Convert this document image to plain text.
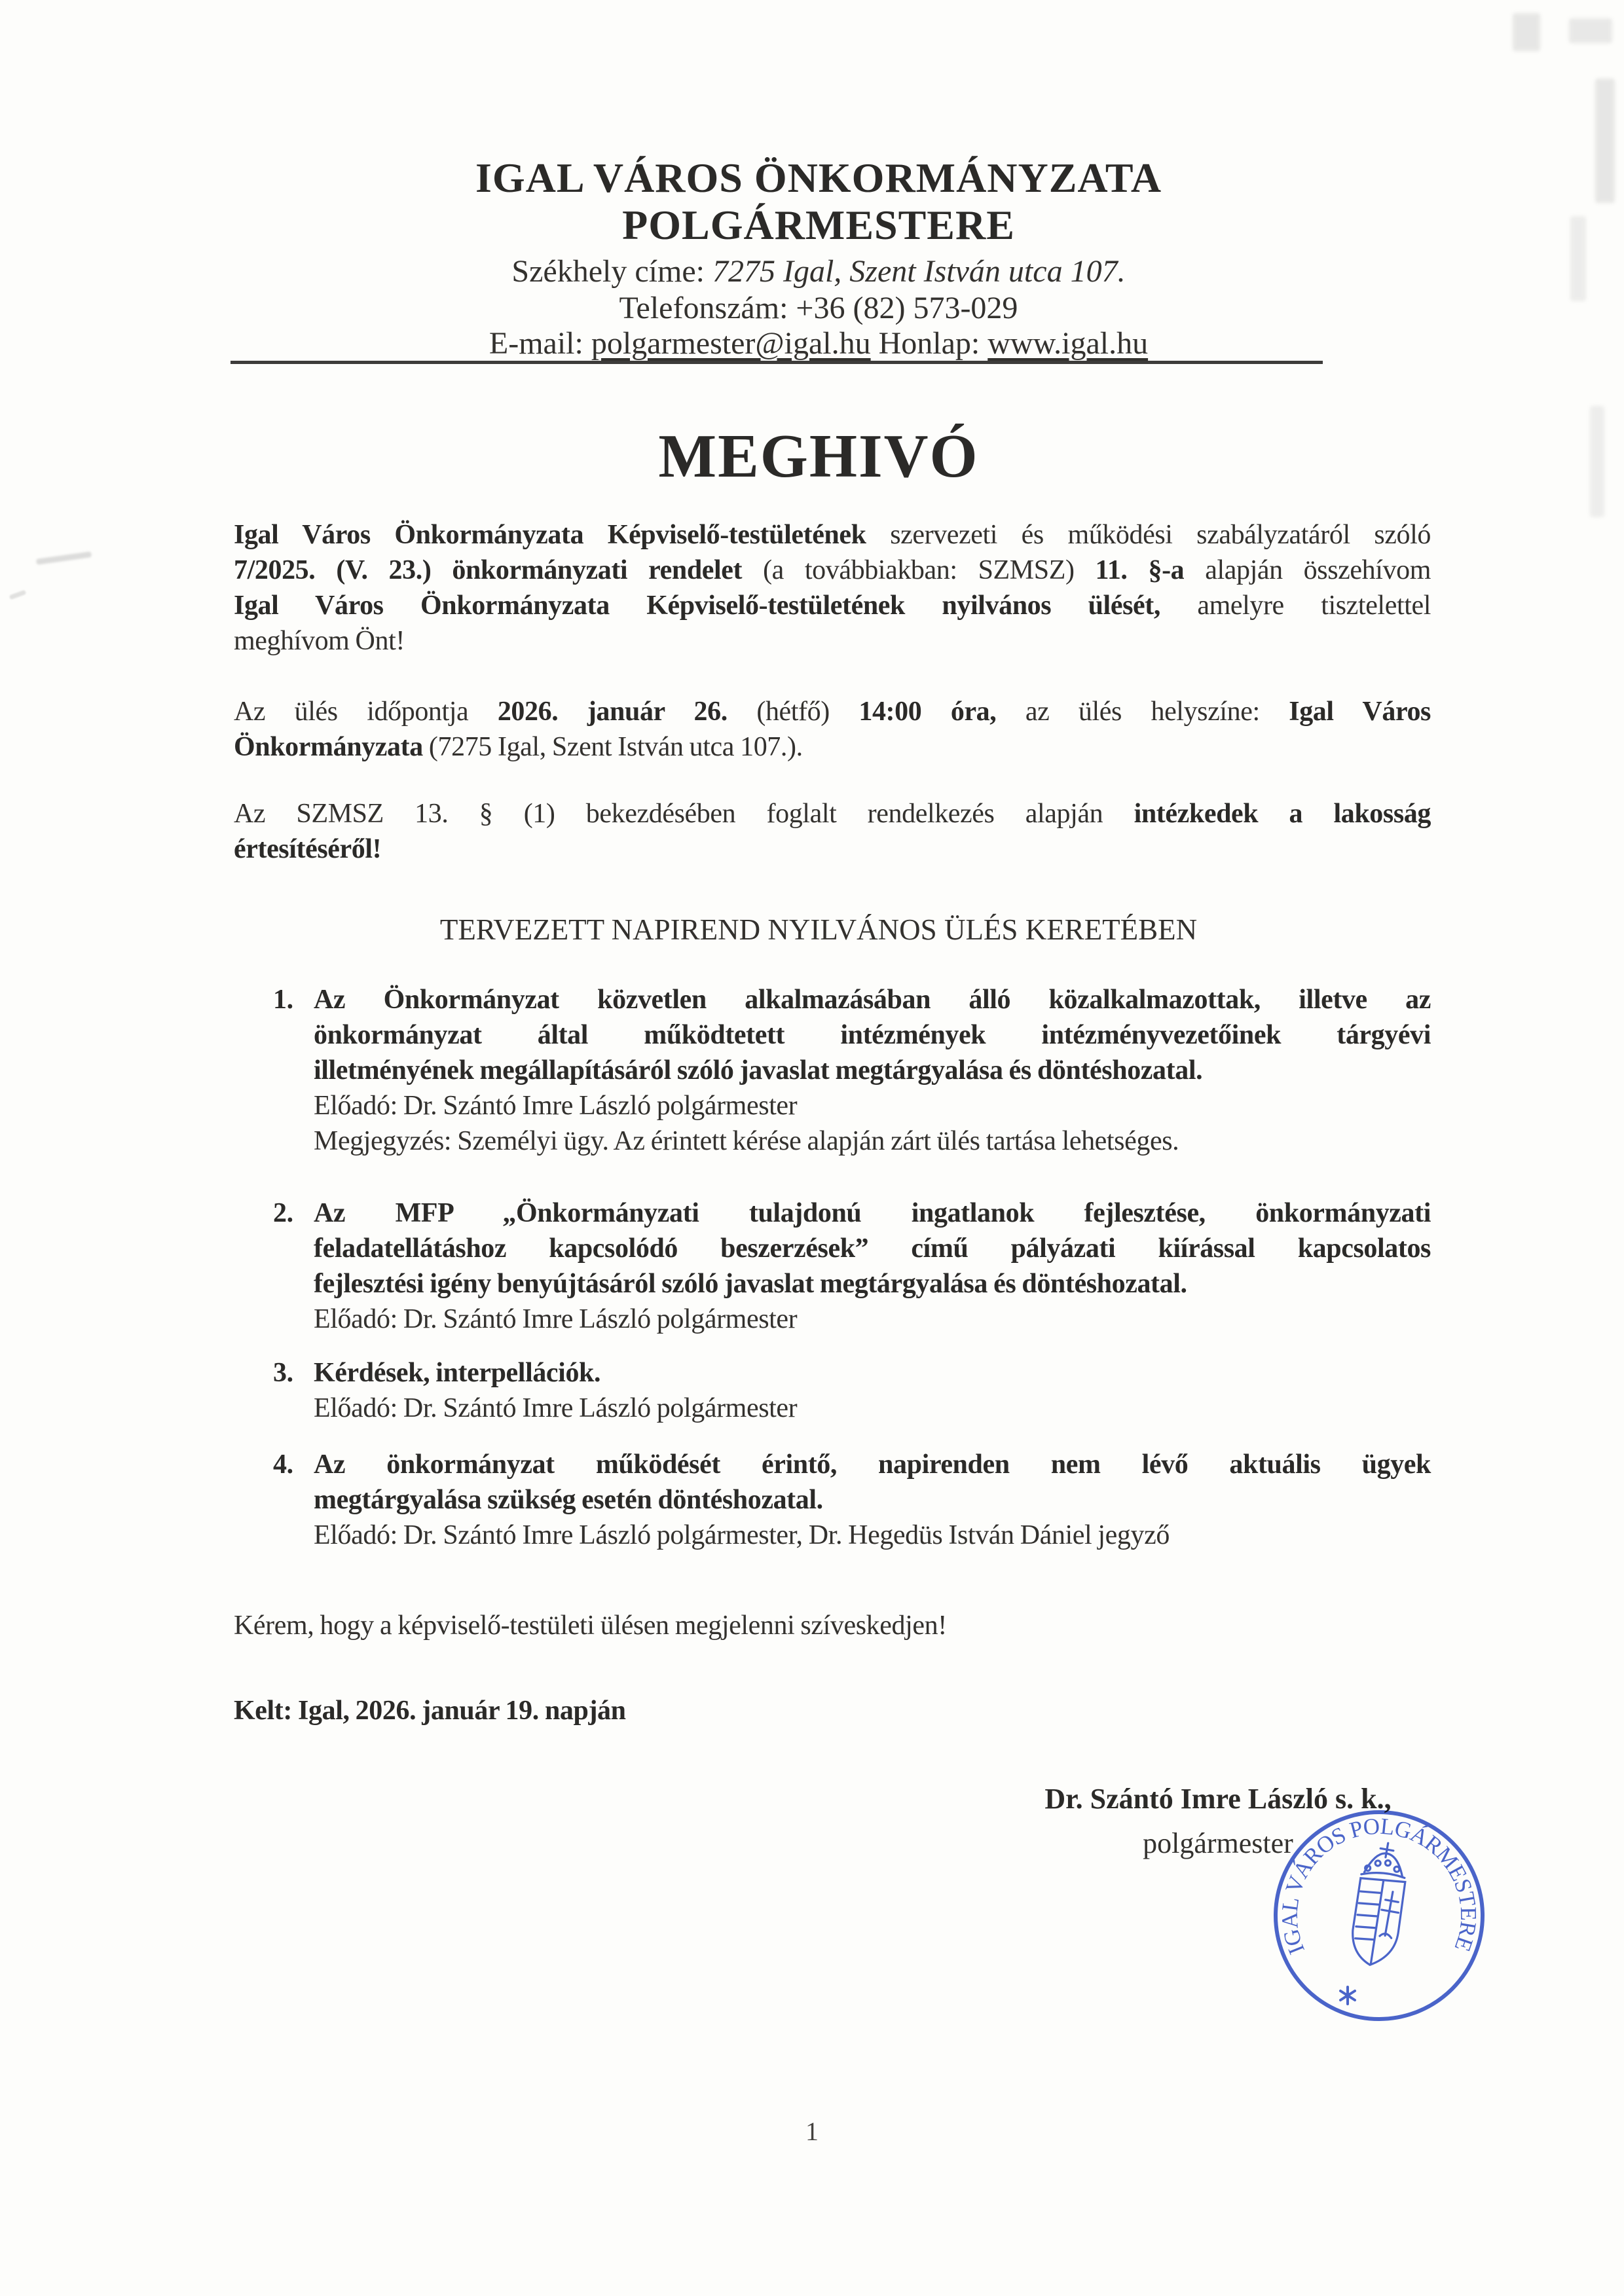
IGAL VÁROS ÖNKORMÁNYZATA
POLGÁRMESTERE
Székhely címe: 7275 Igal, Szent István utca 107.
Telefonszám: +36 (82) 573-029
E-mail: polgarmester@igal.hu Honlap: www.igal.hu
MEGHIVÓ
Igal Város Önkormányzata Képviselő-testületének szervezeti és működési szabályzatáról szóló
7/2025. (V. 23.) önkormányzati rendelet (a továbbiakban: SZMSZ) 11. §-a alapján összehívom
Igal Város Önkormányzata Képviselő-testületének nyilvános ülését, amelyre tisztelettel
meghívom Önt!
Az ülés időpontja 2026. január 26. (hétfő) 14:00 óra, az ülés helyszíne: Igal Város
Önkormányzata (7275 Igal, Szent István utca 107.).
Az SZMSZ 13. § (1) bekezdésében foglalt rendelkezés alapján intézkedek a lakosság
értesítéséről!
TERVEZETT NAPIREND NYILVÁNOS ÜLÉS KERETÉBEN
1. Az Önkormányzat közvetlen alkalmazásában álló közalkalmazottak, illetve az
önkormányzat által működtetett intézmények intézményvezetőinek tárgyévi
illetményének megállapításáról szóló javaslat megtárgyalása és döntéshozatal.
Előadó: Dr. Szántó Imre László polgármester
Megjegyzés: Személyi ügy. Az érintett kérése alapján zárt ülés tartása lehetséges.
2. Az MFP „Önkormányzati tulajdonú ingatlanok fejlesztése, önkormányzati
feladatellátáshoz kapcsolódó beszerzések” című pályázati kiírással kapcsolatos
fejlesztési igény benyújtásáról szóló javaslat megtárgyalása és döntéshozatal.
Előadó: Dr. Szántó Imre László polgármester
3. Kérdések, interpellációk.
Előadó: Dr. Szántó Imre László polgármester
4. Az önkormányzat működését érintő, napirenden nem lévő aktuális ügyek
megtárgyalása szükség esetén döntéshozatal.
Előadó: Dr. Szántó Imre László polgármester, Dr. Hegedüs István Dániel jegyző
Kérem, hogy a képviselő-testületi ülésen megjelenni szíveskedjen!
Kelt: Igal, 2026. január 19. napján
Dr. Szántó Imre László s. k.,
polgármester
IGAL VÁROS POLGÁRMESTERE
1
